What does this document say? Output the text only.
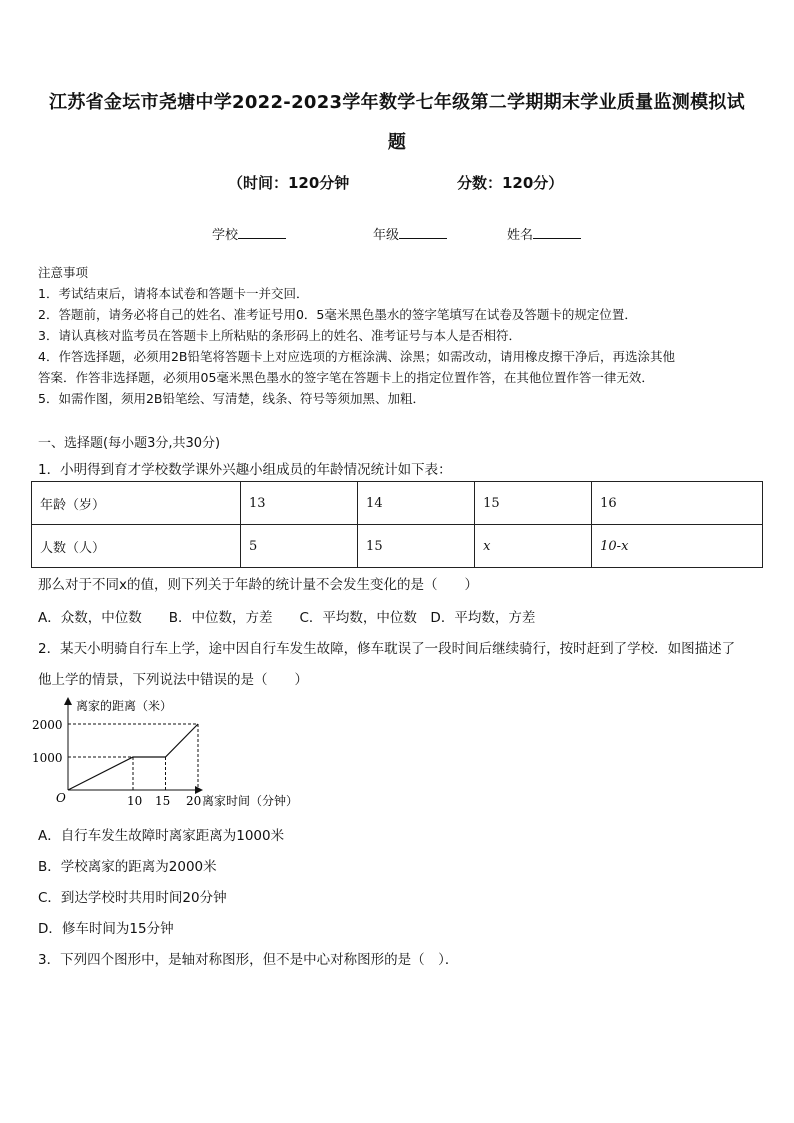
江苏省金坛市尧塘中学2022-2023学年数学七年级第二学期期末学业质量监测模拟试
题
（时间：120分钟	分数：120分）
学校	年级	姓名
注意事项
1．考试结束后，请将本试卷和答题卡一并交回．
2．答题前，请务必将自己的姓名、准考证号用0．5毫米黑色墨水的签字笔填写在试卷及答题卡的规定位置．
3．请认真核对监考员在答题卡上所粘贴的条形码上的姓名、准考证号与本人是否相符．
4．作答选择题，必须用2B铅笔将答题卡上对应选项的方框涂满、涂黑；如需改动，请用橡皮擦干净后，再选涂其他
答案．作答非选择题，必须用05毫米黑色墨水的签字笔在答题卡上的指定位置作答，在其他位置作答一律无效．
5．如需作图，须用2B铅笔绘、写清楚，线条、符号等须加黑、加粗．
一、选择题(每小题3分,共30分)
1．小明得到育才学校数学课外兴趣小组成员的年龄情况统计如下表：
年龄（岁）	13	14	15	16
人数（人）	5	15	x	10-x
那么对于不同x的值，则下列关于年龄的统计量不会发生变化的是（　　）
A．众数，中位数　　B．中位数，方差　　C．平均数，中位数　D．平均数，方差
2．某天小明骑自行车上学，途中因自行车发生故障，修车耽误了一段时间后继续骑行，按时赶到了学校．如图描述了
他上学的情景，下列说法中错误的是（　　）
离家的距离（米）
离家时间（分钟）
O
2000
1000
10 15 20
A．自行车发生故障时离家距离为1000米
B．学校离家的距离为2000米
C．到达学校时共用时间20分钟
D．修车时间为15分钟
3．下列四个图形中，是轴对称图形，但不是中心对称图形的是（　）．
